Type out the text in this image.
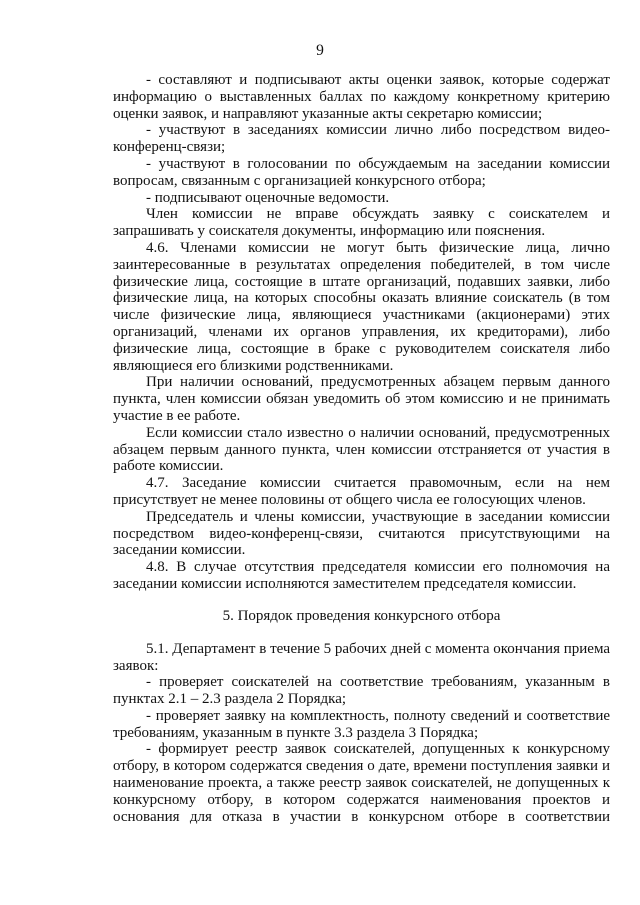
9

- составляют и подписывают акты оценки заявок, которые содержат информацию о выставленных баллах по каждому конкретному критерию оценки заявок, и направляют указанные акты секретарю комиссии;

- участвуют в заседаниях комиссии лично либо посредством видео-конференц-связи;

- участвуют в голосовании по обсуждаемым на заседании комиссии вопросам, связанным с организацией конкурсного отбора;

- подписывают оценочные ведомости.

Член комиссии не вправе обсуждать заявку с соискателем и запрашивать у соискателя документы, информацию или пояснения.

4.6. Членами комиссии не могут быть физические лица, лично заинтересованные в результатах определения победителей, в том числе физические лица, состоящие в штате организаций, подавших заявки, либо физические лица, на которых способны оказать влияние соискатель (в том числе физические лица, являющиеся участниками (акционерами) этих организаций, членами их органов управления, их кредиторами), либо физические лица, состоящие в браке с руководителем соискателя либо являющиеся его близкими родственниками.

При наличии оснований, предусмотренных абзацем первым данного пункта, член комиссии обязан уведомить об этом комиссию и не принимать участие в ее работе.

Если комиссии стало известно о наличии оснований, предусмотренных абзацем первым данного пункта, член комиссии отстраняется от участия в работе комиссии.

4.7. Заседание комиссии считается правомочным, если на нем присутствует не менее половины от общего числа ее голосующих членов.

Председатель и члены комиссии, участвующие в заседании комиссии посредством видео-конференц-связи, считаются присутствующими на заседании комиссии.

4.8. В случае отсутствия председателя комиссии его полномочия на заседании комиссии исполняются заместителем председателя комиссии.

5. Порядок проведения конкурсного отбора

5.1. Департамент в течение 5 рабочих дней с момента окончания приема заявок:

- проверяет соискателей на соответствие требованиям, указанным в пунктах 2.1 – 2.3 раздела 2 Порядка;

- проверяет заявку на комплектность, полноту сведений и соответствие требованиям, указанным в пункте 3.3 раздела 3 Порядка;

- формирует реестр заявок соискателей, допущенных к конкурсному отбору, в котором содержатся сведения о дате, времени поступления заявки и наименование проекта, а также реестр заявок соискателей, не допущенных к конкурсному отбору, в котором содержатся наименования проектов и основания для отказа в участии в конкурсном отборе в соответствии
